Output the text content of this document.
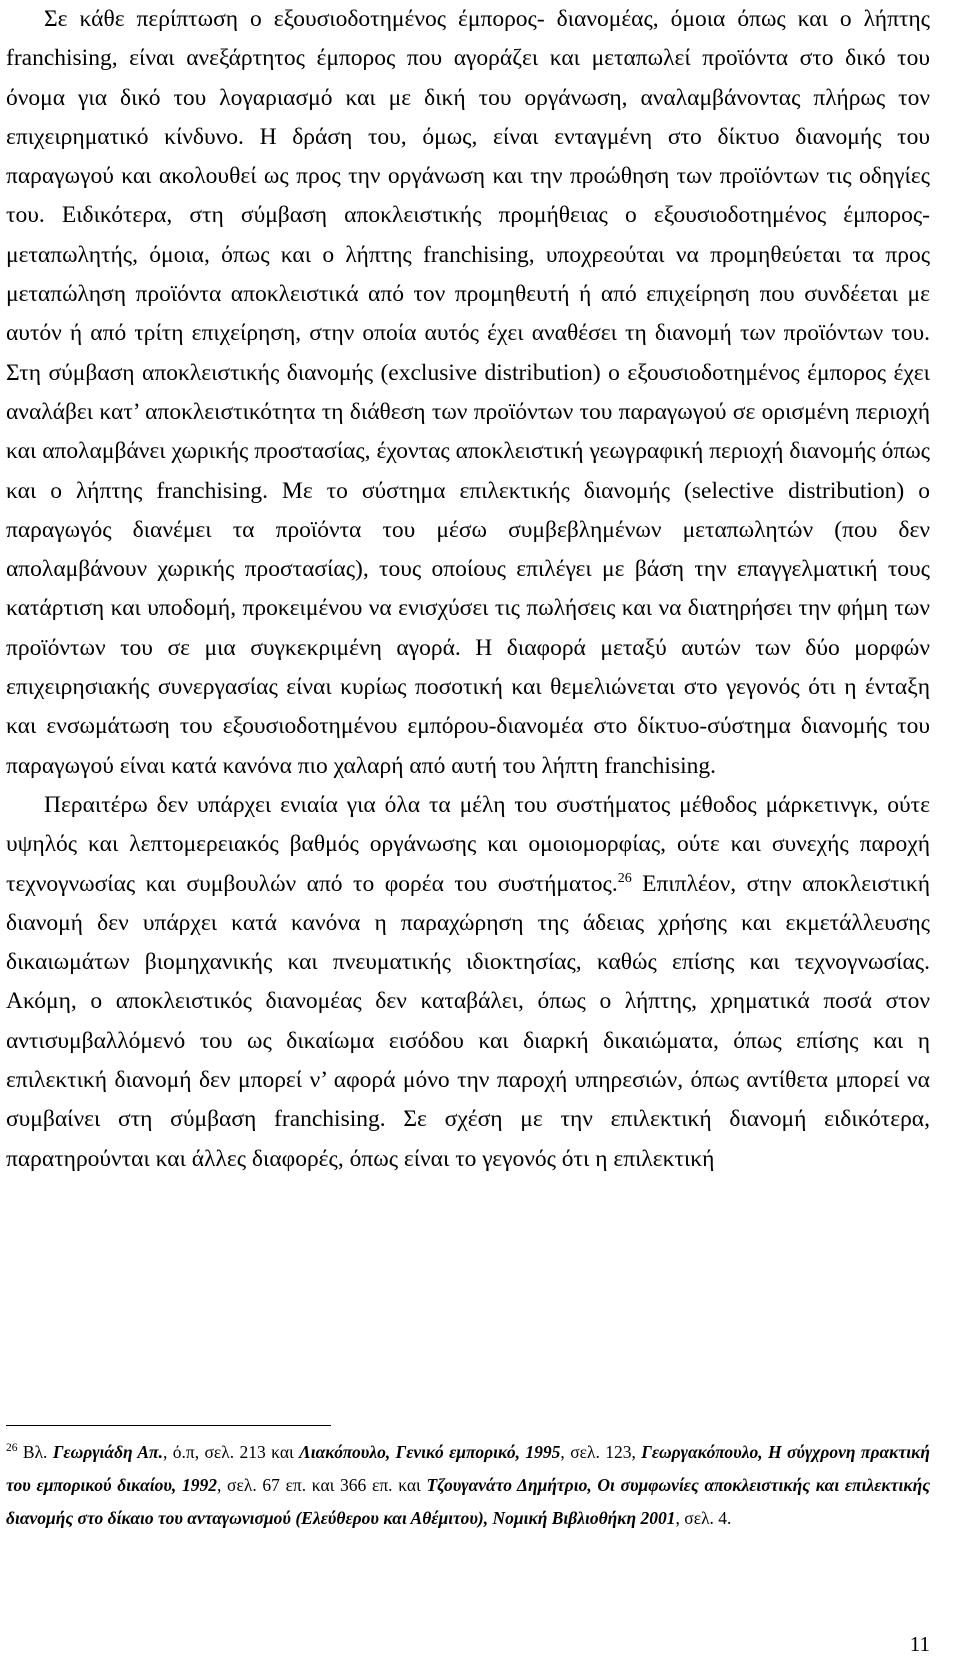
Σε κάθε περίπτωση ο εξουσιοδοτημένος έμπορος- διανομέας, όμοια όπως και ο λήπτης franchising, είναι ανεξάρτητος έμπορος που αγοράζει και μεταπωλεί προϊόντα στο δικό του όνομα για δικό του λογαριασμό και με δική του οργάνωση, αναλαμβάνοντας πλήρως τον επιχειρηματικό κίνδυνο. Η δράση του, όμως, είναι ενταγμένη στο δίκτυο διανομής του παραγωγού και ακολουθεί ως προς την οργάνωση και την προώθηση των προϊόντων τις οδηγίες του. Ειδικότερα, στη σύμβαση αποκλειστικής προμήθειας ο εξουσιοδοτημένος έμπορος-μεταπωλητής, όμοια, όπως και ο λήπτης franchising, υποχρεούται να προμηθεύεται τα προς μεταπώληση προϊόντα αποκλειστικά από τον προμηθευτή ή από επιχείρηση που συνδέεται με αυτόν ή από τρίτη επιχείρηση, στην οποία αυτός έχει αναθέσει τη διανομή των προϊόντων του. Στη σύμβαση αποκλειστικής διανομής (exclusive distribution) ο εξουσιοδοτημένος έμπορος έχει αναλάβει κατ’ αποκλειστικότητα τη διάθεση των προϊόντων του παραγωγού σε ορισμένη περιοχή και απολαμβάνει χωρικής προστασίας, έχοντας αποκλειστική γεωγραφική περιοχή διανομής όπως και ο λήπτης franchising. Με το σύστημα επιλεκτικής διανομής (selective distribution) ο παραγωγός διανέμει τα προϊόντα του μέσω συμβεβλημένων μεταπωλητών (που δεν απολαμβάνουν χωρικής προστασίας), τους οποίους επιλέγει με βάση την επαγγελματική τους κατάρτιση και υποδομή, προκειμένου να ενισχύσει τις πωλήσεις και να διατηρήσει την φήμη των προϊόντων του σε μια συγκεκριμένη αγορά. Η διαφορά μεταξύ αυτών των δύο μορφών επιχειρησιακής συνεργασίας είναι κυρίως ποσοτική και θεμελιώνεται στο γεγονός ότι η ένταξη και ενσωμάτωση του εξουσιοδοτημένου εμπόρου-διανομέα στο δίκτυο-σύστημα διανομής του παραγωγού είναι κατά κανόνα πιο χαλαρή από αυτή του λήπτη franchising.

Περαιτέρω δεν υπάρχει ενιαία για όλα τα μέλη του συστήματος μέθοδος μάρκετινγκ, ούτε υψηλός και λεπτομερειακός βαθμός οργάνωσης και ομοιομορφίας, ούτε και συνεχής παροχή τεχνογνωσίας και συμβουλών από το φορέα του συστήματος.$^{26}$ Επιπλέον, στην αποκλειστική διανομή δεν υπάρχει κατά κανόνα η παραχώρηση της άδειας χρήσης και εκμετάλλευσης δικαιωμάτων βιομηχανικής και πνευματικής ιδιοκτησίας, καθώς επίσης και τεχνογνωσίας. Ακόμη, ο αποκλειστικός διανομέας δεν καταβάλει, όπως ο λήπτης, χρηματικά ποσά στον αντισυμβαλλόμενό του ως δικαίωμα εισόδου και διαρκή δικαιώματα, όπως επίσης και η επιλεκτική διανομή δεν μπορεί ν’ αφορά μόνο την παροχή υπηρεσιών, όπως αντίθετα μπορεί να συμβαίνει στη σύμβαση franchising. Σε σχέση με την επιλεκτική διανομή ειδικότερα, παρατηρούνται και άλλες διαφορές, όπως είναι το γεγονός ότι η επιλεκτική

$^{26}$ Βλ. Γεωργιάδη Απ., ό.π, σελ. 213 και Λιακόπουλο, Γενικό εμπορικό, 1995, σελ. 123, Γεωργακόπουλο, Η σύγχρονη πρακτική του εμπορικού δικαίου, 1992, σελ. 67 επ. και 366 επ. και Τζουγανάτο Δημήτριο, Οι συμφωνίες αποκλειστικής και επιλεκτικής διανομής στο δίκαιο του ανταγωνισμού (Ελεύθερου και Αθέμιτου), Νομική Βιβλιοθήκη 2001, σελ. 4.

11
